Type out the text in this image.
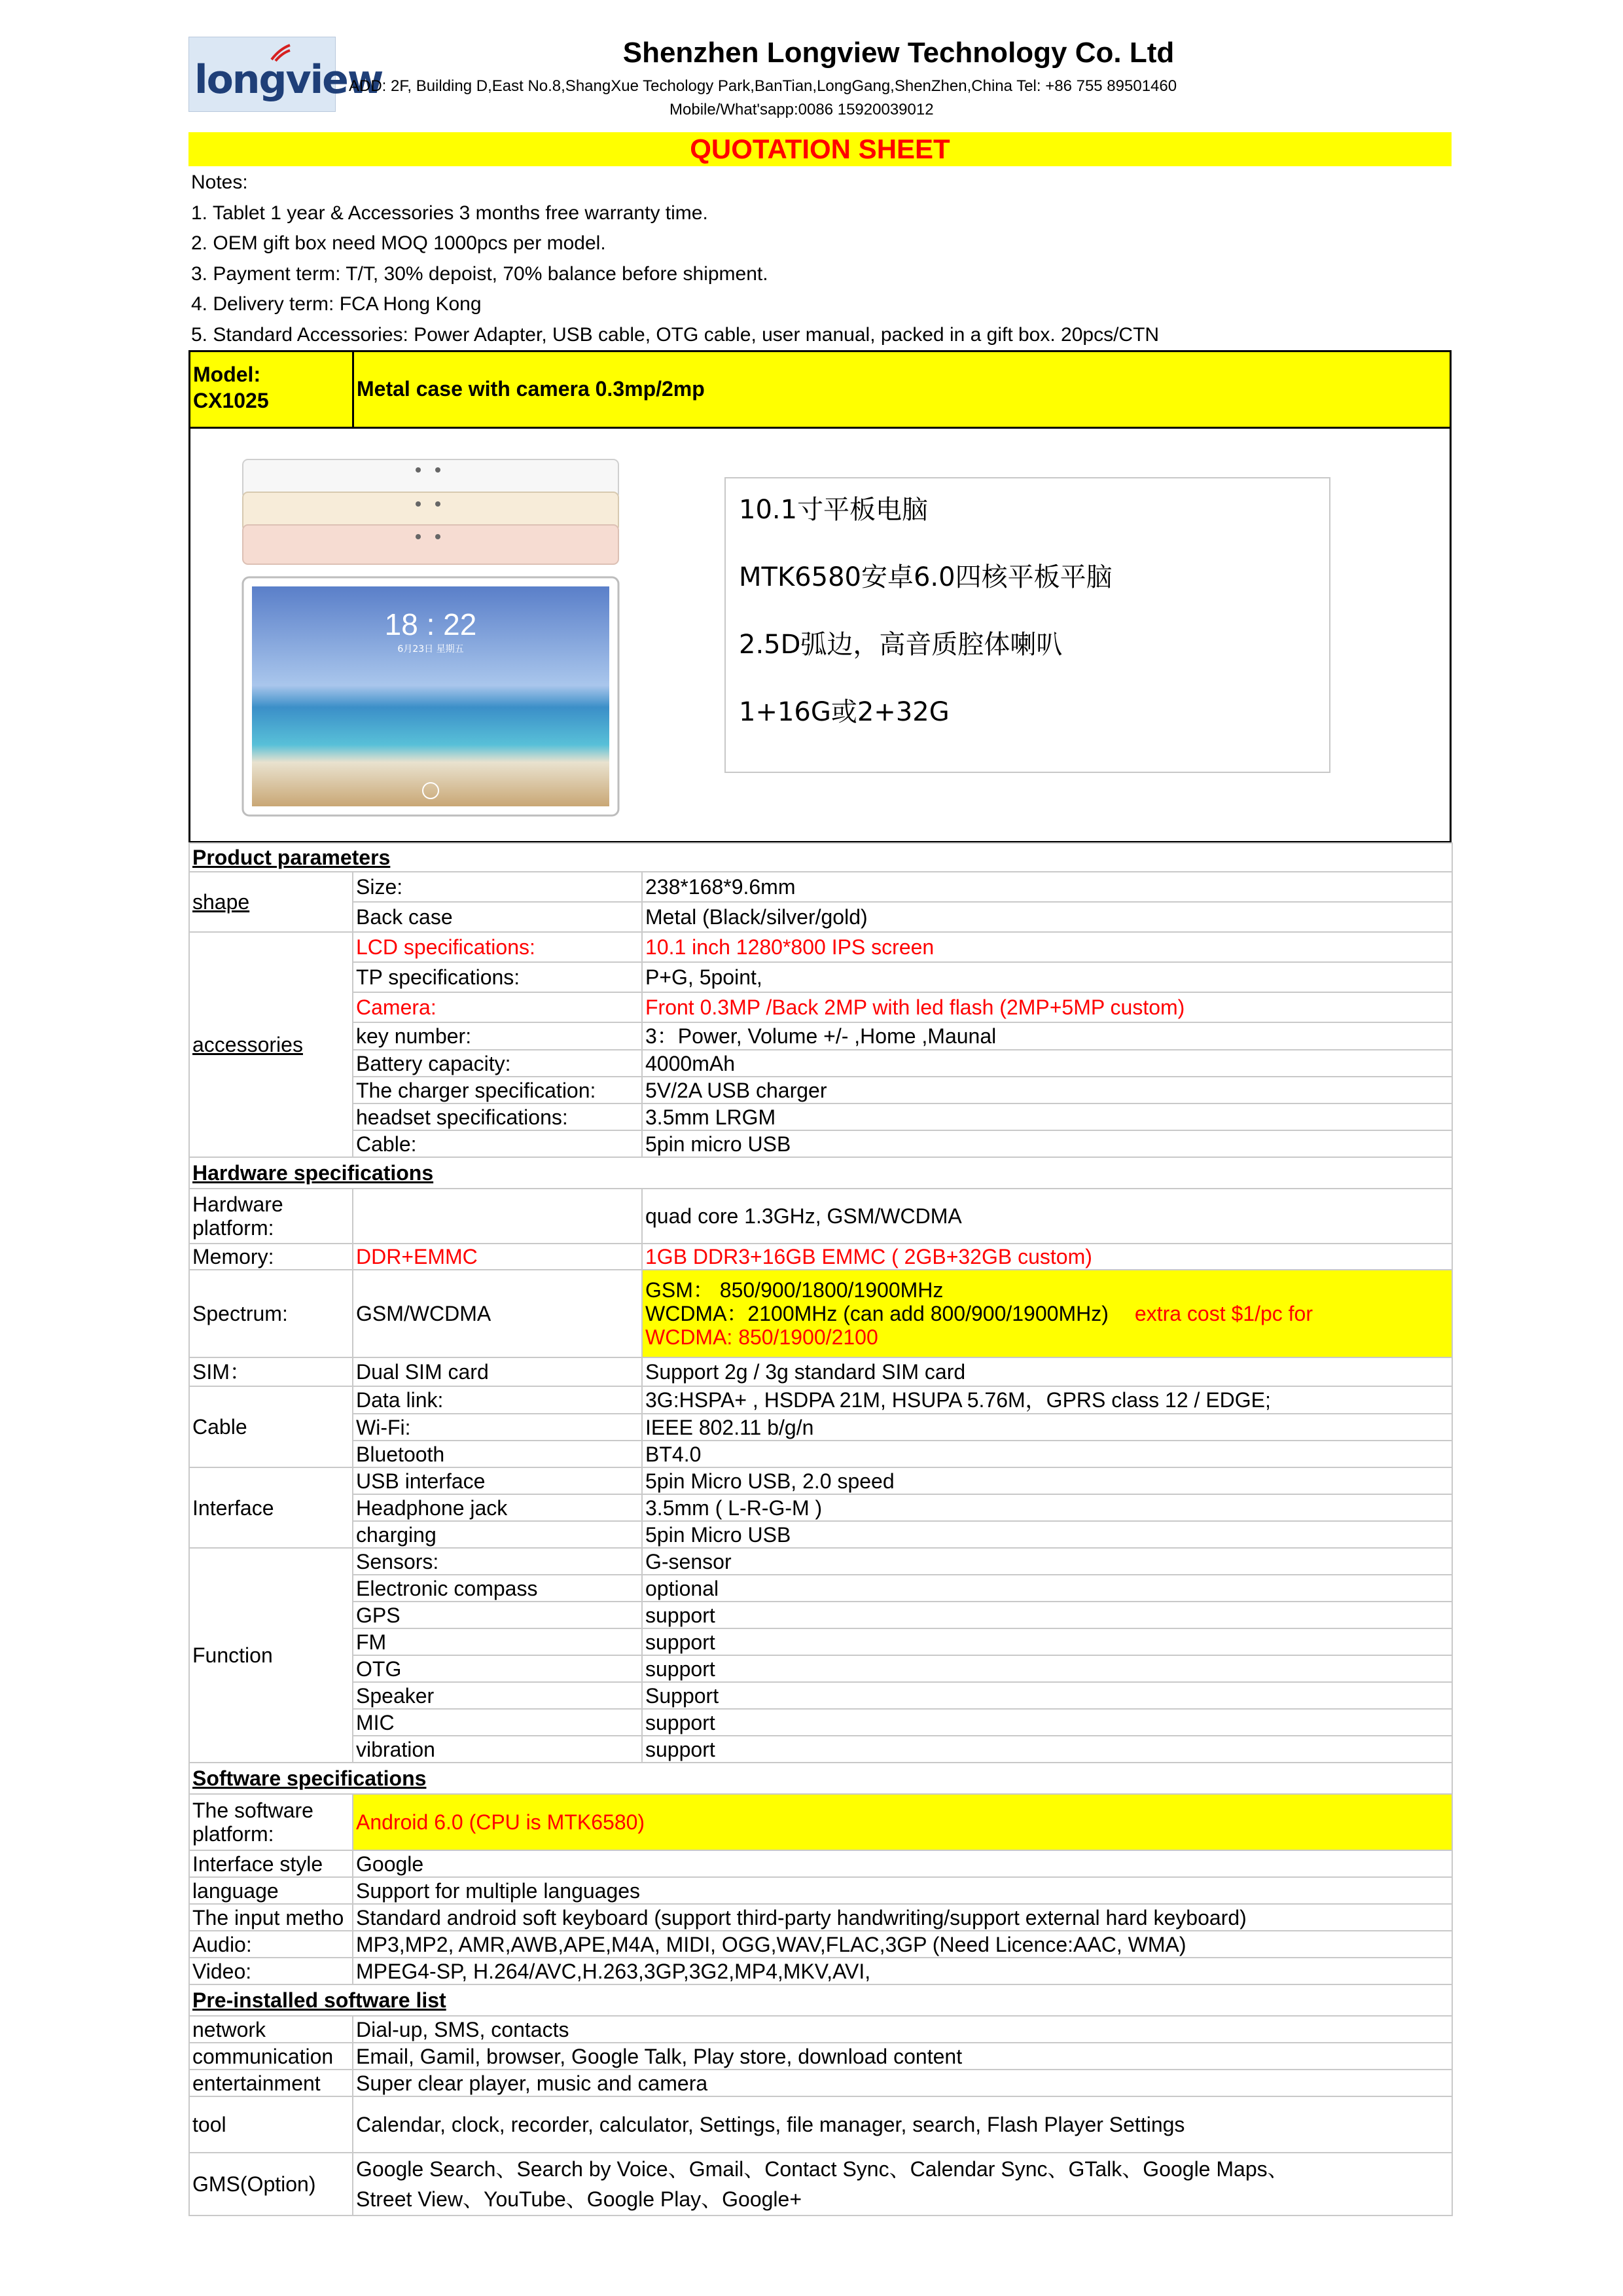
longview
Shenzhen Longview Technology Co. Ltd
ADD: 2F, Building D,East No.8,ShangXue Techology Park,BanTian,LongGang,ShenZhen,China Tel: +86 755 89501460
Mobile/What'sapp:0086 15920039012
QUOTATION SHEET
Notes:
1. Tablet 1 year & Accessories 3 months free warranty time.
2. OEM gift box need MOQ 1000pcs per model.
3. Payment term: T/T, 30% depoist, 70% balance before shipment.
4. Delivery term: FCA Hong Kong
5. Standard Accessories: Power Adapter, USB cable, OTG cable, user manual, packed in a gift box. 20pcs/CTN
Model:
CX1025	Metal case with camera 0.3mp/2mp
18 : 22
6月23日 星期五
10.1寸平板电脑
MTK6580安卓6.0四核平板平脑
2.5D弧边，高音质腔体喇叭
1+16G或2+32G
Product parameters		
shape	Size:	238*168*9.6mm
	Back case	Metal (Black/silver/gold)
accessories	LCD specifications:	10.1 inch 1280*800 IPS screen
	TP specifications:	P+G, 5point,
	Camera:	Front 0.3MP /Back 2MP with led flash (2MP+5MP custom)
	key number:	3：Power, Volume +/- ,Home ,Maunal
	Battery capacity:	4000mAh
	The charger specification:	5V/2A USB charger
	headset specifications:	3.5mm LRGM
	Cable:	5pin micro USB
Hardware specifications		
Hardware platform:		quad core 1.3GHz, GSM/WCDMA
Memory:	DDR+EMMC	1GB DDR3+16GB EMMC ( 2GB+32GB custom)
Spectrum:	GSM/WCDMA	GSM： 850/900/1800/1900MHz
WCDMA：2100MHz (can add 800/900/1900MHz) extra cost $1/pc for
WCDMA: 850/1900/2100

SIM：	Dual SIM card	Support 2g / 3g standard SIM card
Cable	Data link:	3G:HSPA+ , HSDPA 21M, HSUPA 5.76M，GPRS class 12 / EDGE;
	Wi-Fi:	IEEE 802.11 b/g/n
	Bluetooth	BT4.0
Interface	USB interface	5pin Micro USB, 2.0 speed
	Headphone jack	3.5mm ( L-R-G-M )
	charging	5pin Micro USB
Function	Sensors:	G-sensor
	Electronic compass	optional
	GPS	support
	FM	support
	OTG	support
	Speaker	Support
	MIC	support
	vibration	support
Software specifications		
The software platform:	Android 6.0 (CPU is MTK6580)	
Interface style	Google	
language	Support for multiple languages	
The input metho	Standard android soft keyboard (support third-party handwriting/support external hard keyboard)	
Audio:	MP3,MP2, AMR,AWB,APE,M4A, MIDI, OGG,WAV,FLAC,3GP (Need Licence:AAC, WMA)	
Video:	MPEG4-SP, H.264/AVC,H.263,3GP,3G2,MP4,MKV,AVI,	
Pre-installed software list		
network	Dial-up, SMS, contacts	
communication	Email, Gamil, browser, Google Talk, Play store, download content	
entertainment	Super clear player, music and camera	
tool	Calendar, clock, recorder, calculator, Settings, file manager, search, Flash Player Settings	
GMS(Option)	Google Search、Search by Voice、Gmail、Contact Sync、Calendar Sync、GTalk、Google Maps、
Street View、YouTube、Google Play、Google+	
